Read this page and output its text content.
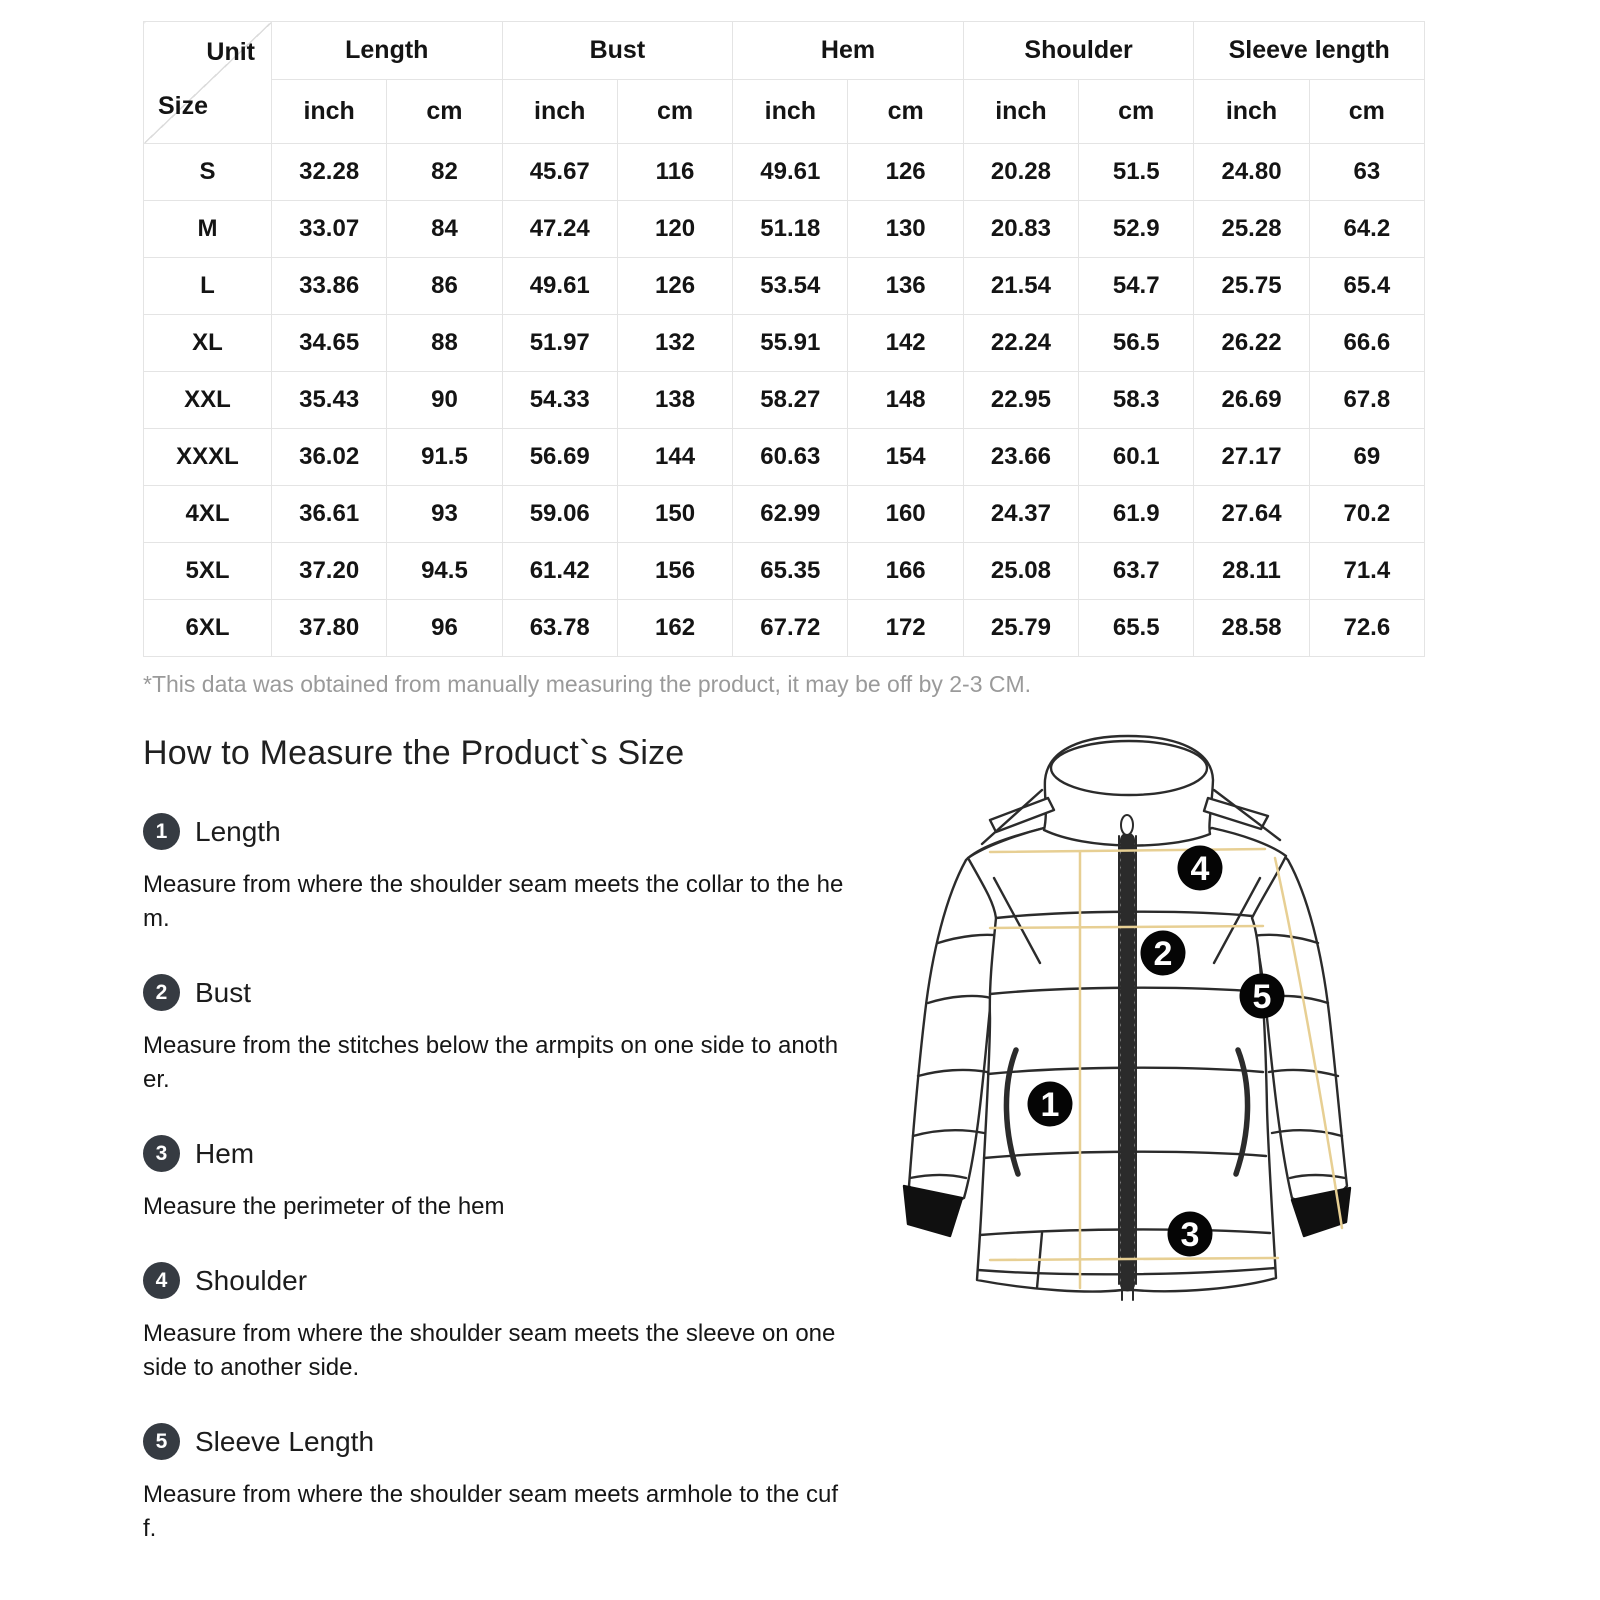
Unit
Size	Length		Bust		Hem		Shoulder		Sleeve length	
	inch	cm	inch	cm	inch	cm	inch	cm	inch	cm
S	32.28	82	45.67	116	49.61	126	20.28	51.5	24.80	63
M	33.07	84	47.24	120	51.18	130	20.83	52.9	25.28	64.2
L	33.86	86	49.61	126	53.54	136	21.54	54.7	25.75	65.4
XL	34.65	88	51.97	132	55.91	142	22.24	56.5	26.22	66.6
XXL	35.43	90	54.33	138	58.27	148	22.95	58.3	26.69	67.8
XXXL	36.02	91.5	56.69	144	60.63	154	23.66	60.1	27.17	69
4XL	36.61	93	59.06	150	62.99	160	24.37	61.9	27.64	70.2
5XL	37.20	94.5	61.42	156	65.35	166	25.08	63.7	28.11	71.4
6XL	37.80	96	63.78	162	67.72	172	25.79	65.5	28.58	72.6
*This data was obtained from manually measuring the product, it may be off by 2-3 CM.
How to Measure the Product`s Size
1 Length

Measure from where the shoulder seam meets the collar to the hem.

2 Bust

Measure from the stitches below the armpits on one side to another.

3 Hem

Measure the perimeter of the hem

4 Shoulder

Measure from where the shoulder seam meets the sleeve on one side to another side.

5 Sleeve Length

Measure from where the shoulder seam meets armhole to the cuff.

1
2
3
4
5
